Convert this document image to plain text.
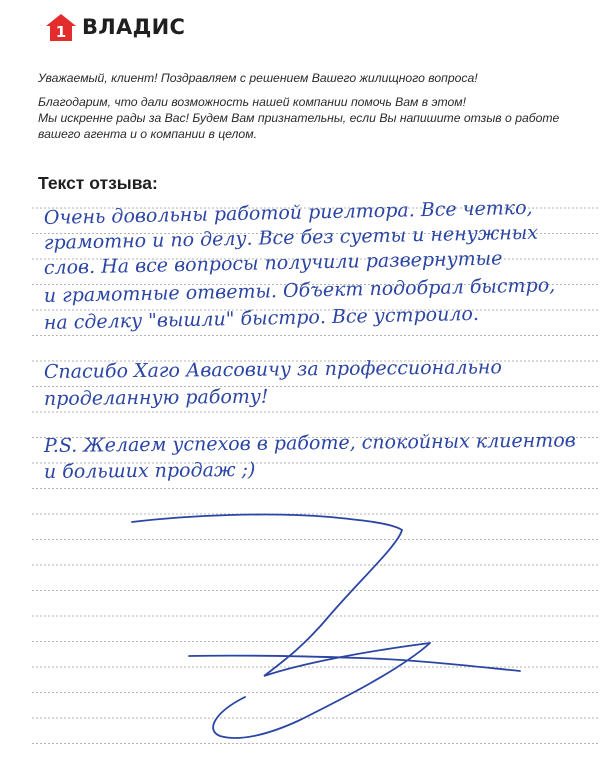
1 ВЛАДИС

Уважаемый, клиент! Поздравляем с решением Вашего жилищного вопроса!

Благодарим, что дали возможность нашей компании помочь Вам в этом!
Мы искренне рады за Вас! Будем Вам признательны, если Вы напишите отзыв о работе
вашего агента и о компании в целом.
Текст отзыва:
Очень довольны работой риелтора. Все четко,
грамотно и по делу. Все без суеты и ненужных
слов. На все вопросы получили развернутые
и грамотные ответы. Объект подобрал быстро,
на сделку "вышли" быстро. Все устроило.
Спасибо Хаго Авасовичу за профессионально
проделанную работу!
P.S. Желаем успехов в работе, спокойных клиентов
и больших продаж ;)
